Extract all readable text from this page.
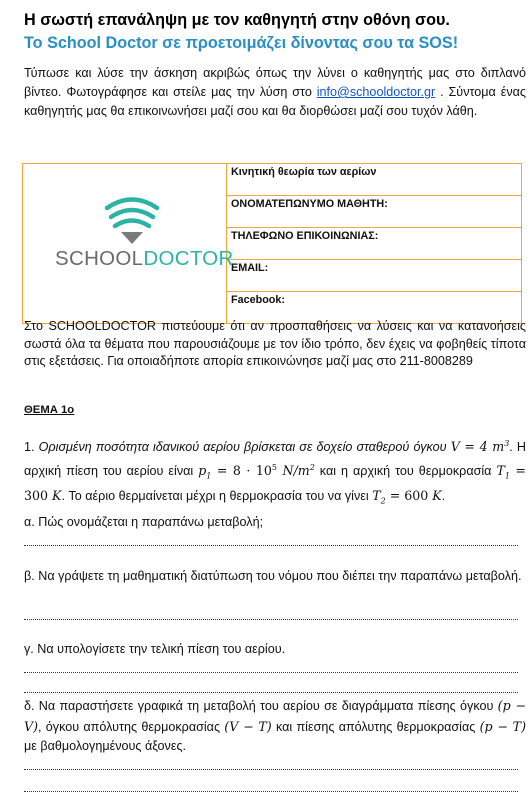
Η σωστή επανάληψη με τον καθηγητή στην οθόνη σου.
Το School Doctor σε προετοιμάζει δίνοντας σου τα SOS!
Τύπωσε και λύσε την άσκηση ακριβώς όπως την λύνει ο καθηγητής μας στο διπλανό βίντεο. Φωτογράφησε και στείλε μας την λύση στο info@schooldoctor.gr . Σύντομα ένας καθηγητής μας θα επικοινωνήσει μαζί σου και θα διορθώσει μαζί σου τυχόν λάθη.
SCHOOLDOCTOR
	Κινητική θεωρία των αερίων
ΟΝΟΜΑΤΕΠΩΝΥΜΟ ΜΑΘΗΤΗ:
ΤΗΛΕΦΩΝΟ ΕΠΙΚΟΙΝΩΝΙΑΣ:
EMAIL:
Facebook:
Στο SCHOOLDOCTOR πιστεύουμε ότι αν προσπαθήσεις να λύσεις και να κατανοήσεις σωστά όλα τα θέματα που παρουσιάζουμε με τον ίδιο τρόπο, δεν έχεις να φοβηθείς τίποτα στις εξετάσεις. Για οποιαδήποτε απορία επικοινώνησε μαζί μας στο 211-8008289
ΘΕΜΑ 1ο
1. Ορισμένη ποσότητα ιδανικού αερίου βρίσκεται σε δοχείο σταθερού όγκου V = 4 $m^3$. Η αρχική πίεση του αερίου είναι $p_1 = 8 \cdot 10^5$ $N/m^2$ και η αρχική του θερμοκρασία $T_1 = 300$ K. Το αέριο θερμαίνεται μέχρι η θερμοκρασία του να γίνει $T_2 = 600$ K.
α. Πώς ονομάζεται η παραπάνω μεταβολή;
β. Να γράψετε τη μαθηματική διατύπωση του νόμου που διέπει την παραπάνω μεταβολή.
γ. Να υπολογίσετε την τελική πίεση του αερίου.
δ. Να παραστήσετε γραφικά τη μεταβολή του αερίου σε διαγράμματα πίεσης όγκου (p − V), όγκου απόλυτης θερμοκρασίας (V − T) και πίεσης απόλυτης θερμοκρασίας (p − T) με βαθμολογημένους άξονες.
